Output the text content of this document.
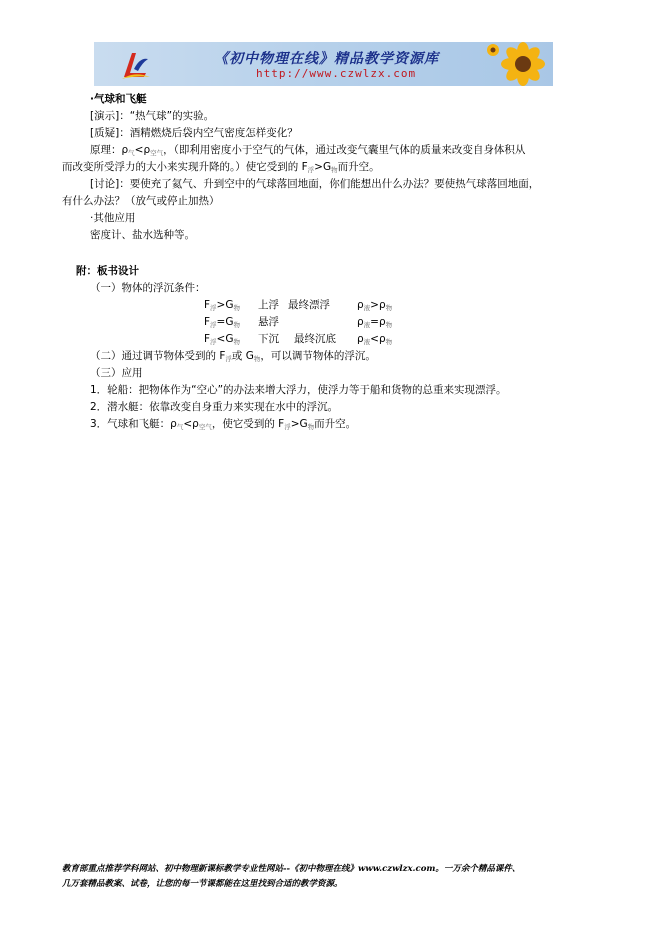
《初中物理在线》精品教学资源库
http://www.czwlzx.com
·气球和飞艇
[演示]：“热气球”的实验。
[质疑]：酒精燃烧后袋内空气密度怎样变化？
原理：$\rho_气<\rho_{空气}$，（即利用密度小于空气的气体，通过改变气囊里气体的质量来改变自身体积从
而改变所受浮力的大小来实现升降的。）使它受到的 $F_浮>G_物$而升空。
[讨论]：要使充了氦气、升到空中的气球落回地面，你们能想出什么办法？要使热气球落回地面，
有什么办法？（放气或停止加热）
·其他应用
密度计、盐水选种等。
附：板书设计
（一）物体的浮沉条件：
$F_浮>G_物$ 上浮 最终漂浮	$\rho_液>\rho_物$
$F_浮=G_物$ 悬浮	$\rho_液=\rho_物$
$F_浮<G_物$ 下沉 最终沉底 $\rho_液<\rho_物$
（二）通过调节物体受到的 $F_浮$或 $G_物$，可以调节物体的浮沉。
（三）应用
1．轮船：把物体作为“空心”的办法来增大浮力，使浮力等于船和货物的总重来实现漂浮。
2．潜水艇：依靠改变自身重力来实现在水中的浮沉。
3．气球和飞艇：$\rho_气<\rho_{空气}$，使它受到的 $F_浮>G_物$而升空。
教育部重点推荐学科网站、初中物理新课标教学专业性网站--《初中物理在线》www.czwlzx.com。一万余个精品课件、
几万套精品教案、试卷，让您的每一节课都能在这里找到合适的教学资源。
